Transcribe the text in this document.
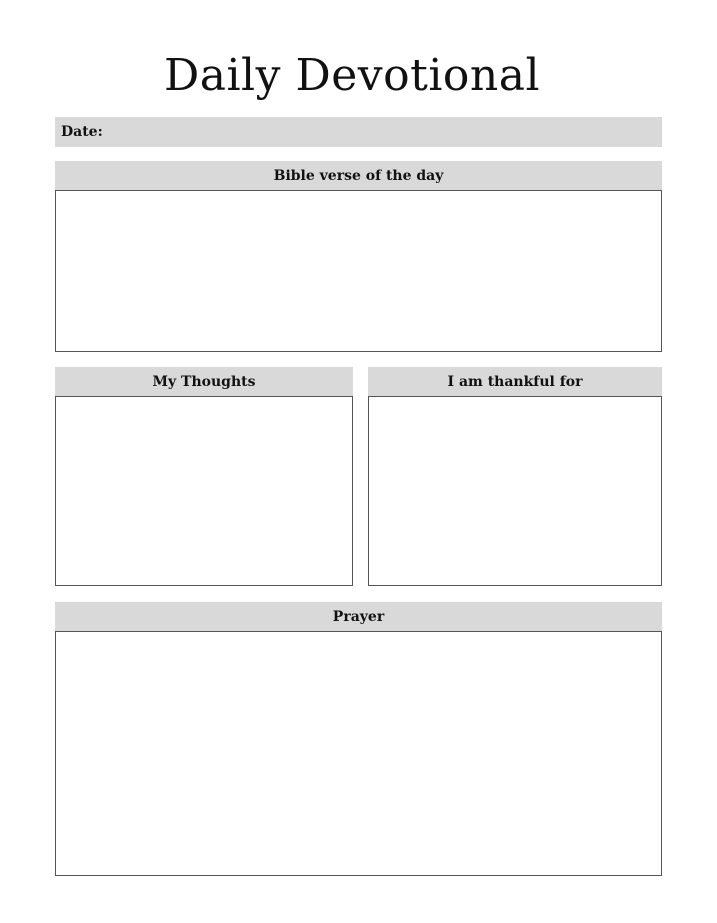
Daily Devotional
Date:
Bible verse of the day
My Thoughts	I am thankful for
Prayer
